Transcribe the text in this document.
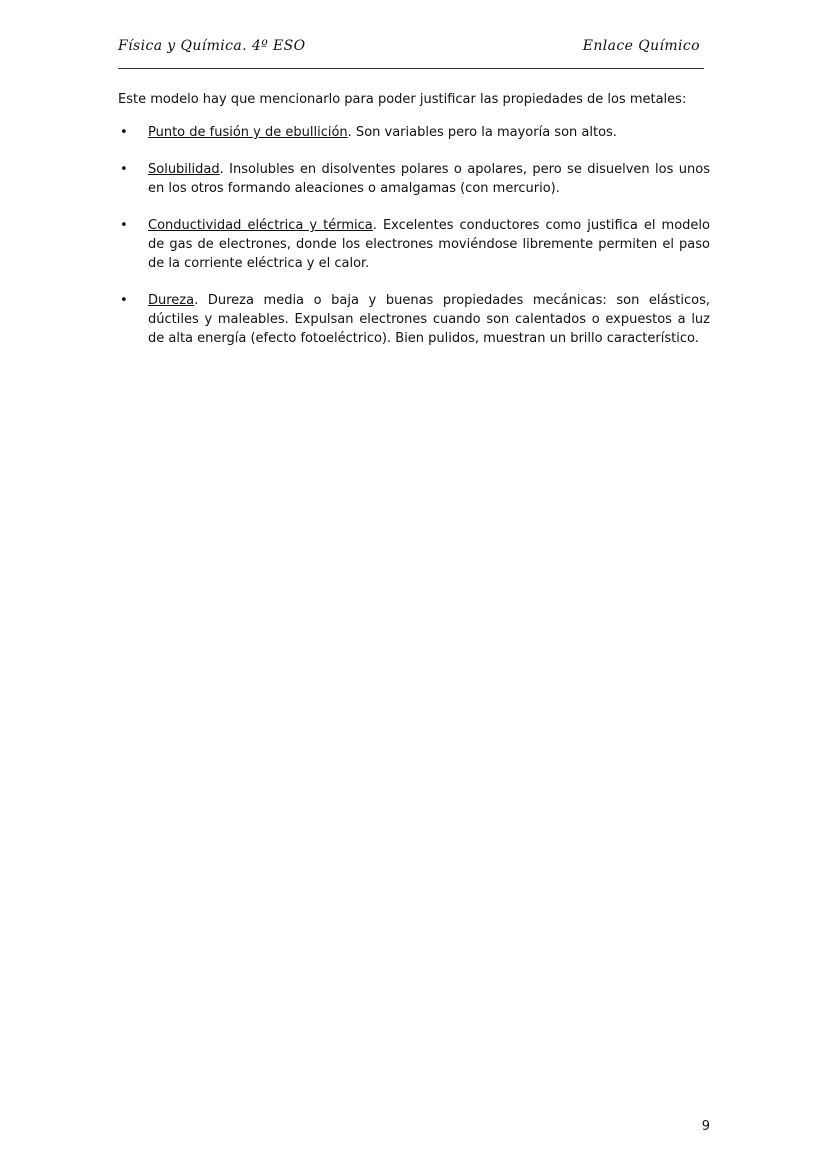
Física y Química. 4º ESO	Enlace Químico

Este modelo hay que mencionarlo para poder justificar las propiedades de los metales:

• Punto de fusión y de ebullición. Son variables pero la mayoría son altos.
• Solubilidad. Insolubles en disolventes polares o apolares, pero se disuelven los unos en los otros formando aleaciones o amalgamas (con mercurio).
• Conductividad eléctrica y térmica. Excelentes conductores como justifica el modelo de gas de electrones, donde los electrones moviéndose libremente permiten el paso de la corriente eléctrica y el calor.
• Dureza. Dureza media o baja y buenas propiedades mecánicas: son elásticos, dúctiles y maleables. Expulsan electrones cuando son calentados o expuestos a luz de alta energía (efecto fotoeléctrico). Bien pulidos, muestran un brillo característico.
9
